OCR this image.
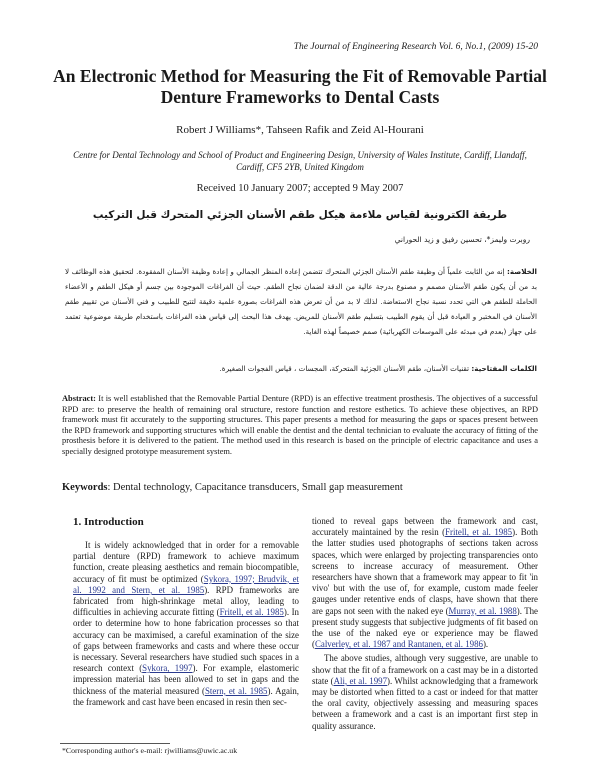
The Journal of Engineering Research Vol. 6, No.1, (2009) 15-20
An Electronic Method for Measuring the Fit of Removable Partial Denture Frameworks to Dental Casts
Robert J Williams*, Tahseen Rafik and Zeid Al-Hourani
Centre for Dental Technology and School of Product and Engineering Design, University of Wales Institute, Cardiff, Llandaff, Cardiff, CF5 2YB, United Kingdom
Received 10 January 2007; accepted 9 May 2007
طريقة الكترونية لقياس ملاءمة هيكل طقم الأسنان الجزئي المتحرك قبل التركيب
روبرت وليمز*، تحسين رفيق و زيد الحوراني
الخلاصة: إنه من الثابت علمياً أن وظيفة طقم الأسنان الجزئي المتحرك تتضمن إعادة المنظر الجمالي و إعادة وظيفة الأسنان المفقودة. لتحقيق هذه الوظائف لا بد من أن يكون طقم الأسنان مصمم و مصنوع بدرجة عالية من الدقة لضمان نجاح الطقم. حيث أن الفراغات الموجودة بين جسم أو هيكل الطقم و الأعضاء الحاملة للطقم هي التي تحدد نسبة نجاح الاستعاضة. لذلك لا بد من أن تعرض هذه الفراغات بصورة علمية دقيقة لتتيح للطبيب و فني الأسنان من تقييم طقم الأسنان في المختبر و العيادة قبل أن يقوم الطبيب بتسليم طقم الأسنان للمريض. يهدف هذا البحث إلى قياس هذه الفراغات باستخدام طريقة موضوعية تعتمد على جهاز (بعدم في مبدئه على الموسعات الكهربائية) صمم خصيصاً لهذه الغاية.
الكلمات المفتاحية: تقنيات الأسنان، طقم الأسنان الجزئية المتحركة، المجسات ، قياس الفجوات الصغيرة.
Abstract: It is well established that the Removable Partial Denture (RPD) is an effective treatment prosthesis. The objectives of a successful RPD are: to preserve the health of remaining oral structure, restore function and restore esthetics. To achieve these objectives, an RPD framework must fit accurately to the supporting structures. This paper presents a method for measuring the gaps or spaces present between the RPD framework and supporting structures which will enable the dentist and the dental technician to evaluate the accuracy of fitting of the prosthesis before it is delivered to the patient. The method used in this research is based on the principle of electric capacitance and uses a specially designed prototype measurement system.
Keywords: Dental technology, Capacitance transducers, Small gap measurement
1. Introduction
It is widely acknowledged that in order for a removable partial denture (RPD) framework to achieve maximum function, create pleasing aesthetics and remain biocompatible, accuracy of fit must be optimized (Sykora, 1997; Brudvik, et al. 1992 and Stern, et al. 1985). RPD frameworks are fabricated from high-shrinkage metal alloy, leading to difficulties in achieving accurate fitting (Fritell, et al. 1985). In order to determine how to hone fabrication processes so that accuracy can be maximised, a careful examination of the size of gaps between frameworks and casts and where these occur is necessary. Several researchers have studied such spaces in a research context (Sykora, 1997). For example, elastomeric impression material has been allowed to set in gaps and the thickness of the material measured (Stern, et al. 1985). Again, the framework and cast have been encased in resin then sec-

tioned to reveal gaps between the framework and cast, accurately maintained by the resin (Fritell, et al. 1985). Both the latter studies used photographs of sections taken across spaces, which were enlarged by projecting transparencies onto screens to increase accuracy of measurement. Other researchers have shown that a framework may appear to fit 'in vivo' but with the use of, for example, custom made feeler gauges under retentive ends of clasps, have shown that there are gaps not seen with the naked eye (Murray, et al. 1988). The present study suggests that subjective judgments of fit based on the use of the naked eye or experience may be flawed (Calverley, et al. 1987 and Rantanen, et al. 1986).

The above studies, although very suggestive, are unable to show that the fit of a framework on a cast may be in a distorted state (Ali, et al. 1997). Whilst acknowledging that a framework may be distorted when fitted to a cast or indeed for that matter the oral cavity, objectively assessing and measuring spaces between a framework and a cast is an important first step in quality assurance.

*Corresponding author's e-mail: rjwilliams@uwic.ac.uk
